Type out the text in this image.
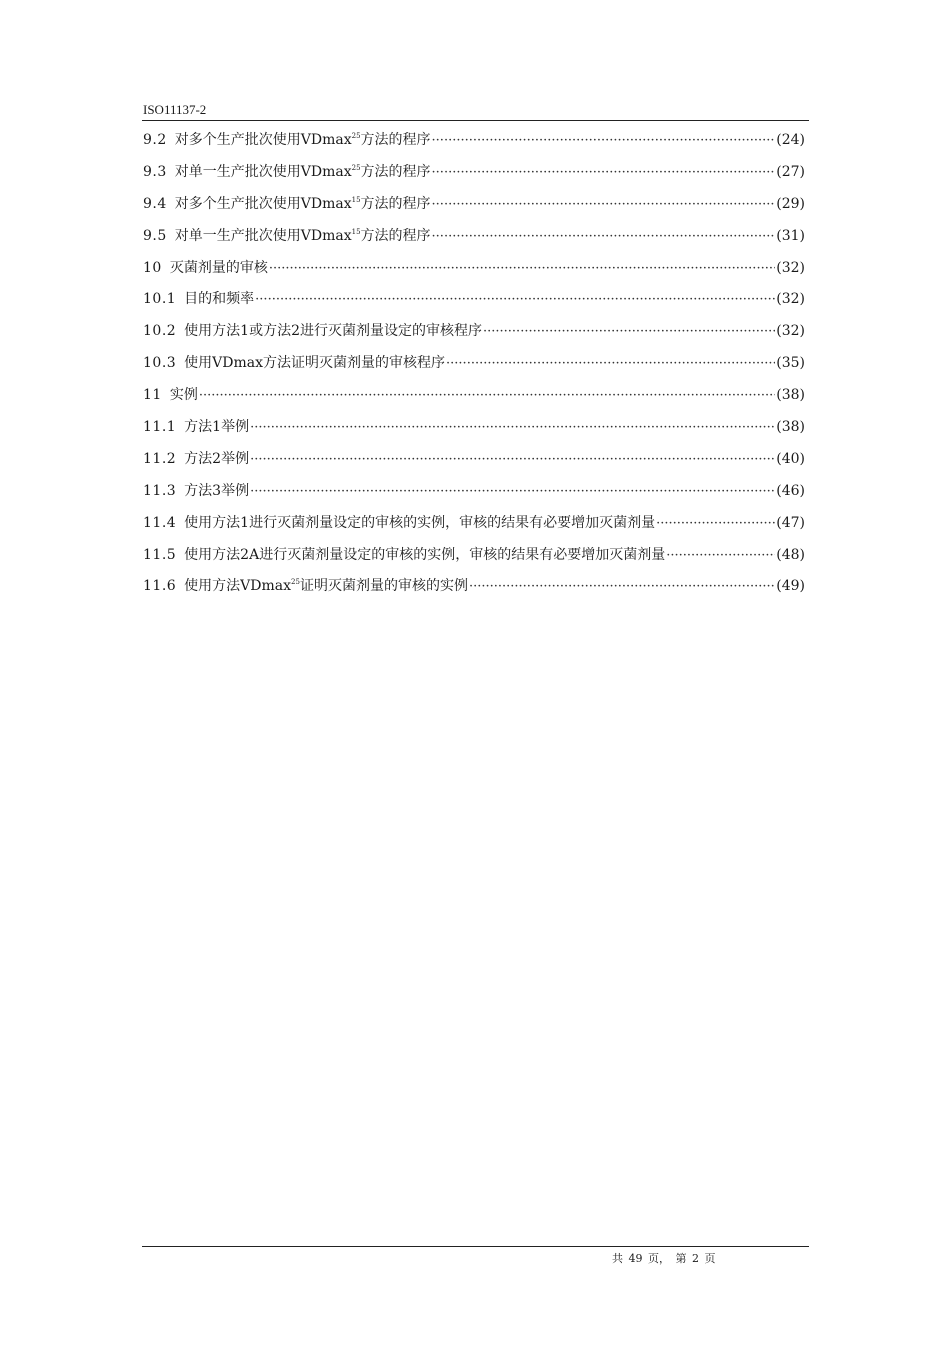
ISO11137-2
9.2 对多个生产批次使用VDmax$^{25}$方法的程序 ·····	(24)
9.3 对单一生产批次使用VDmax$^{25}$方法的程序 ·····	(27)
9.4 对多个生产批次使用VDmax$^{15}$方法的程序 ·····	(29)
9.5 对单一生产批次使用VDmax$^{15}$方法的程序 ·····	(31)
10 灭菌剂量的审核 ·····	(32)
10.1 目的和频率 ·····	(32)
10.2 使用方法1或方法2进行灭菌剂量设定的审核程序 ·····	(32)
10.3 使用VDmax方法证明灭菌剂量的审核程序 ·····	(35)
11 实例 ·····	(38)
11.1 方法1举例 ·····	(38)
11.2 方法2举例 ·····	(40)
11.3 方法3举例 ·····	(46)
11.4 使用方法1进行灭菌剂量设定的审核的实例，审核的结果有必要增加灭菌剂量 ·····	(47)
11.5 使用方法2A进行灭菌剂量设定的审核的实例，审核的结果有必要增加灭菌剂量 ·····	(48)
11.6 使用方法VDmax$^{25}$证明灭菌剂量的审核的实例 ·····	(49)
共 49 页， 第 2 页
